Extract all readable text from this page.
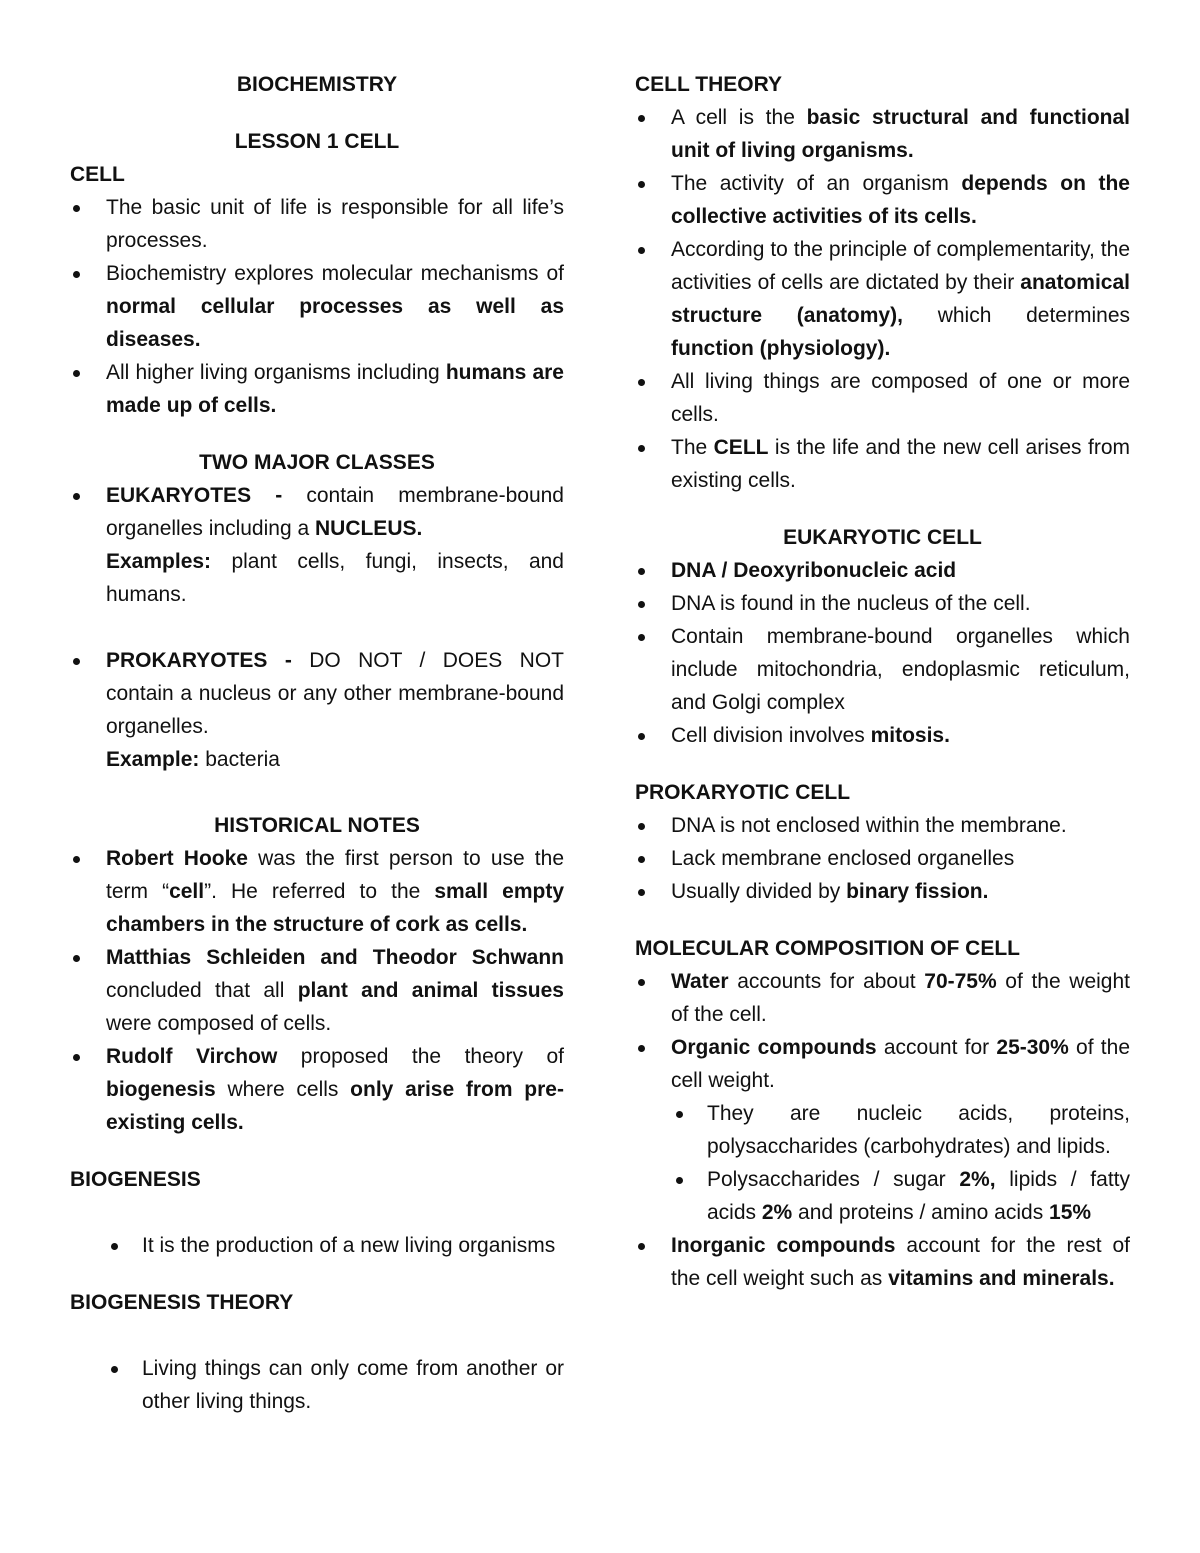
BIOCHEMISTRY

LESSON 1 CELL

CELL

The basic unit of life is responsible for all life’s processes.
Biochemistry explores molecular mechanisms of normal cellular processes as well as diseases.
All higher living organisms including humans are made up of cells.

TWO MAJOR CLASSES

EUKARYOTES - contain membrane-bound organelles including a NUCLEUS.
Examples: plant cells, fungi, insects, and humans.
PROKARYOTES - DO NOT / DOES NOT contain a nucleus or any other membrane-bound organelles.
Example: bacteria

HISTORICAL NOTES

Robert Hooke was the first person to use the term “cell”. He referred to the small empty chambers in the structure of cork as cells.
Matthias Schleiden and Theodor Schwann concluded that all plant and animal tissues were composed of cells.
Rudolf Virchow proposed the theory of biogenesis where cells only arise from pre-existing cells.

BIOGENESIS

It is the production of a new living organisms

BIOGENESIS THEORY

Living things can only come from another or other living things.

CELL THEORY

A cell is the basic structural and functional unit of living organisms.
The activity of an organism depends on the collective activities of its cells.
According to the principle of complementarity, the activities of cells are dictated by their anatomical structure (anatomy), which determines function (physiology).
All living things are composed of one or more cells.
The CELL is the life and the new cell arises from existing cells.

EUKARYOTIC CELL

DNA / Deoxyribonucleic acid
DNA is found in the nucleus of the cell.
Contain membrane-bound organelles which include mitochondria, endoplasmic reticulum, and Golgi complex
Cell division involves mitosis.

PROKARYOTIC CELL

DNA is not enclosed within the membrane.
Lack membrane enclosed organelles
Usually divided by binary fission.

MOLECULAR COMPOSITION OF CELL

Water accounts for about 70-75% of the weight of the cell.
Organic compounds account for 25-30% of the cell weight.
They are nucleic acids, proteins, polysaccharides (carbohydrates) and lipids.
Polysaccharides / sugar 2%, lipids / fatty acids 2% and proteins / amino acids 15%
Inorganic compounds account for the rest of the cell weight such as vitamins and minerals.
